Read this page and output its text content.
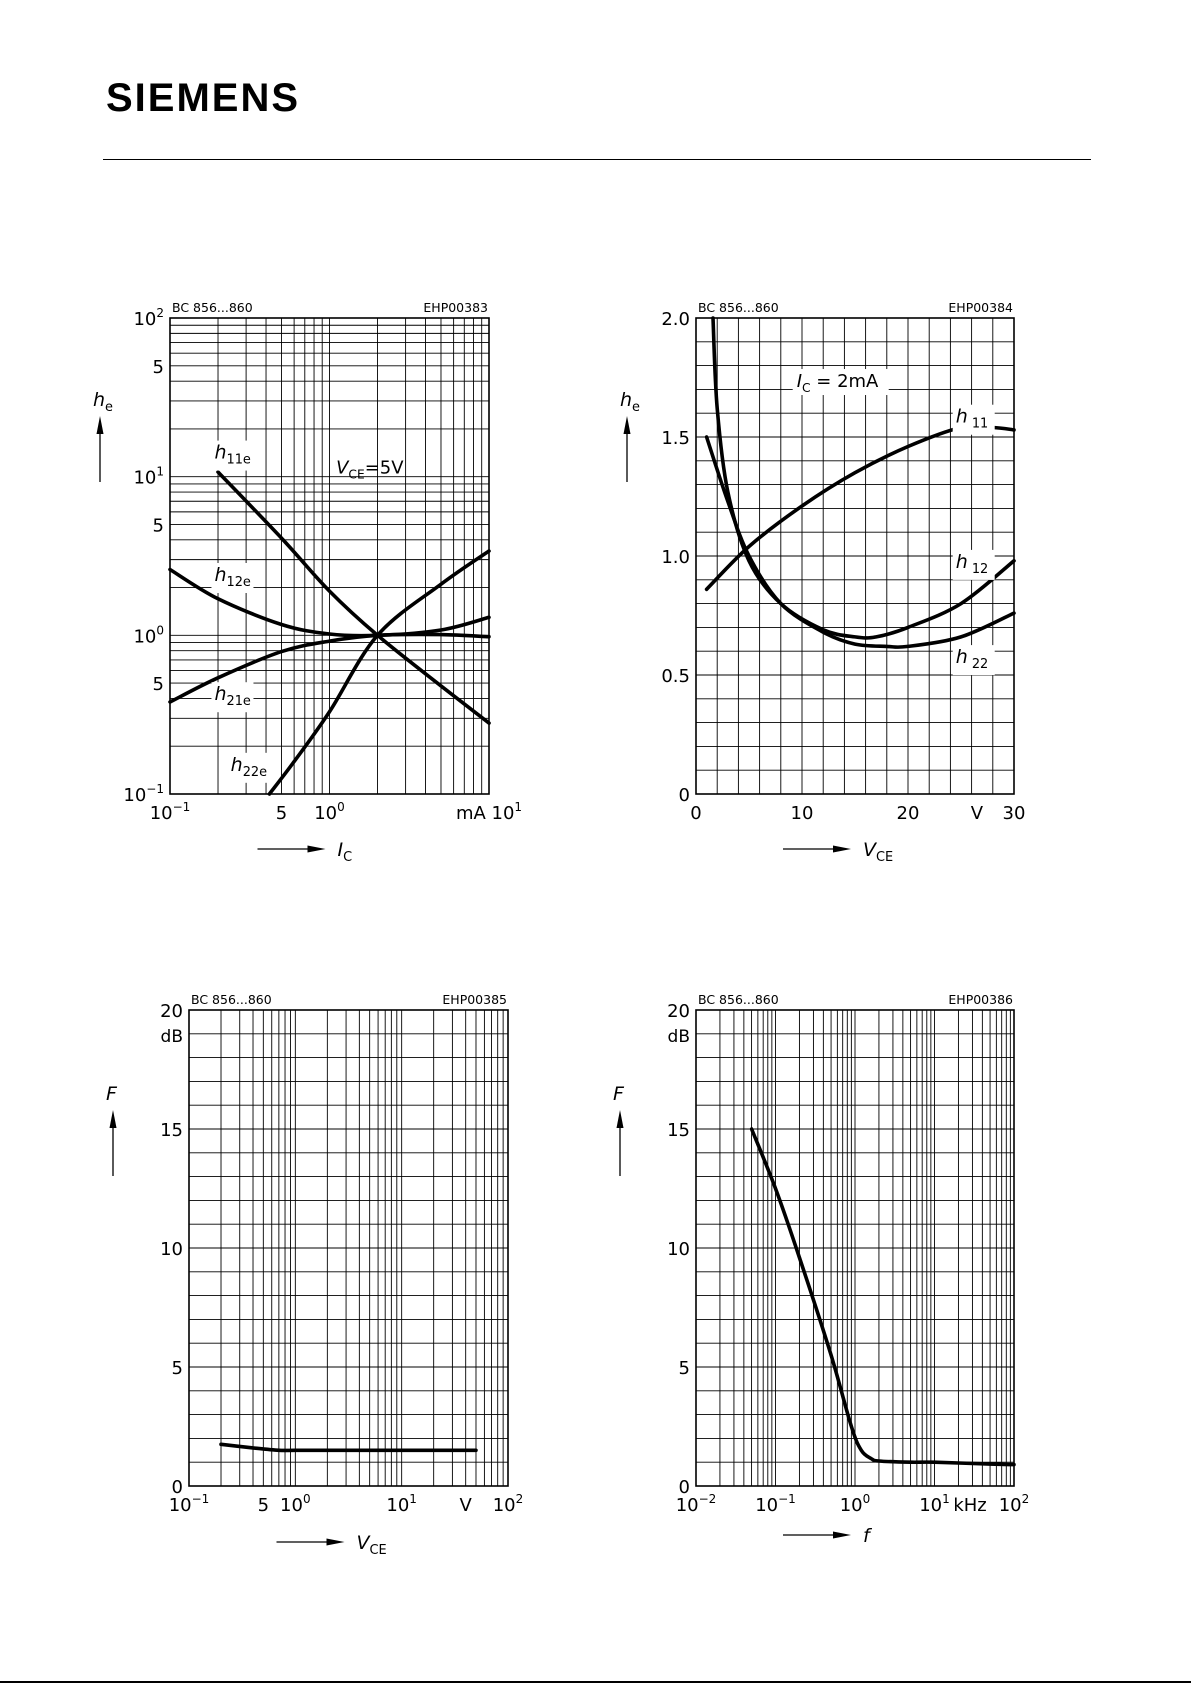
SIEMENS
BC 856...860	EHP00383
$10^{-1}$
5
$10^0$
5
$10^1$
5
$10^2$
$10^{-1}$	5 $10^0$	mA $10^1$
$h_e$
$I_C$
$V_{CE}=5V$
$h_{11e}$
$h_{12e}$
$h_{21e}$
$h_{22e}$
BC 856...860	EHP00384
0
0.5
1.0
1.5
2.0
0	10	20	V 30
$h_e$
$V_{CE}$
$I_C = 2mA$
h $_{11}$
h $_{12}$
h $_{22}$
BC 856...860	EHP00385
0
5
10
15
20
dB
$10^{-1}$	5 $10^0$	$10^1$ V $10^2$
F
$V_{CE}$
BC 856...860	EHP00386
0
5
10
15
20
dB
$10^{-2}$ $10^{-1}$ $10^0$	$10^1$ kHz $10^2$
F
f
